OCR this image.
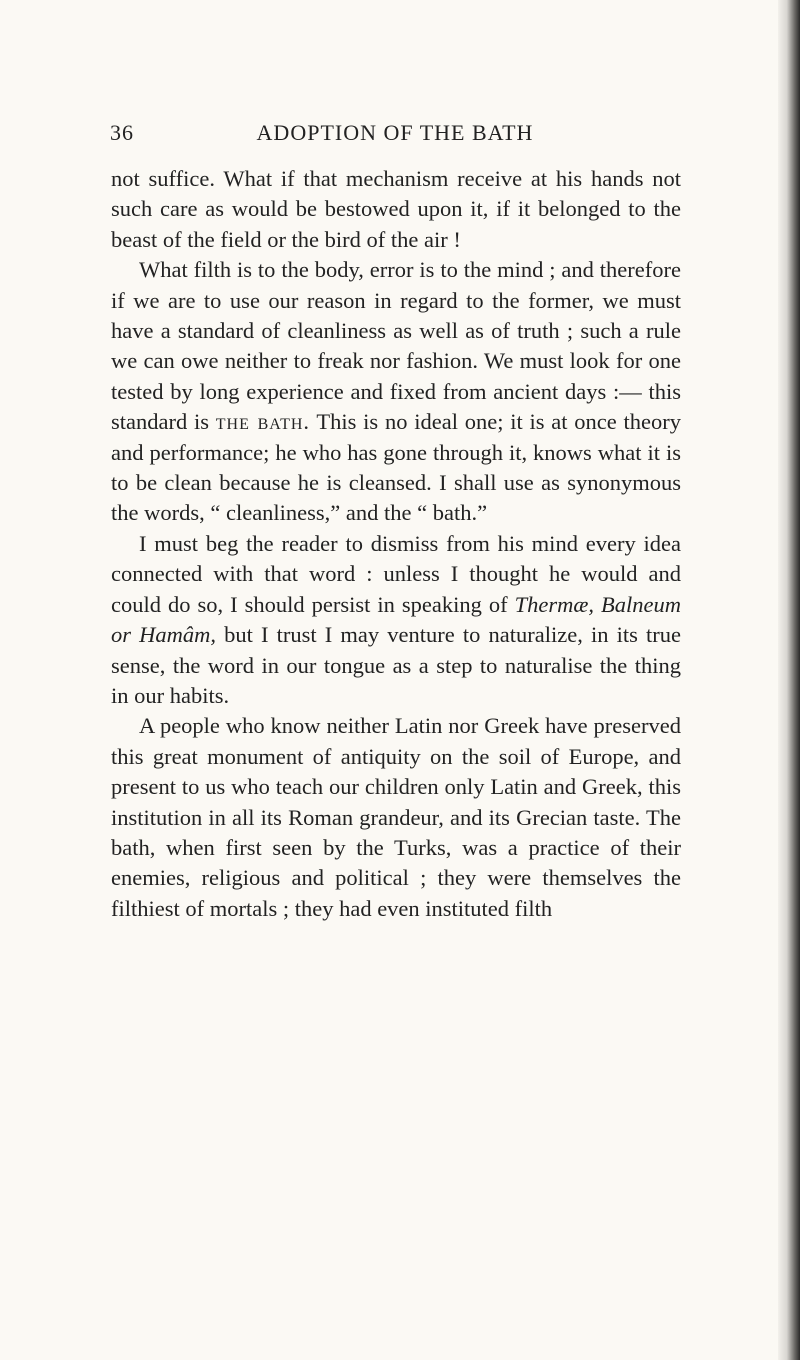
36	ADOPTION OF THE BATH

not suffice. What if that mechanism receive at his hands not such care as would be bestowed upon it, if it belonged to the beast of the field or the bird of the air !

What filth is to the body, error is to the mind ; and therefore if we are to use our reason in regard to the former, we must have a standard of cleanliness as well as of truth ; such a rule we can owe neither to freak nor fashion. We must look for one tested by long experience and fixed from ancient days :— this standard is the bath. This is no ideal one; it is at once theory and performance; he who has gone through it, knows what it is to be clean because he is cleansed. I shall use as synonymous the words, “ cleanliness,” and the “ bath.”

I must beg the reader to dismiss from his mind every idea connected with that word : unless I thought he would and could do so, I should persist in speaking of Thermæ, Balneum or Hamâm, but I trust I may venture to naturalize, in its true sense, the word in our tongue as a step to naturalise the thing in our habits.

A people who know neither Latin nor Greek have preserved this great monument of antiquity on the soil of Europe, and present to us who teach our children only Latin and Greek, this institution in all its Roman grandeur, and its Grecian taste. The bath, when first seen by the Turks, was a practice of their enemies, religious and political ; they were themselves the filthiest of mortals ; they had even instituted filth
